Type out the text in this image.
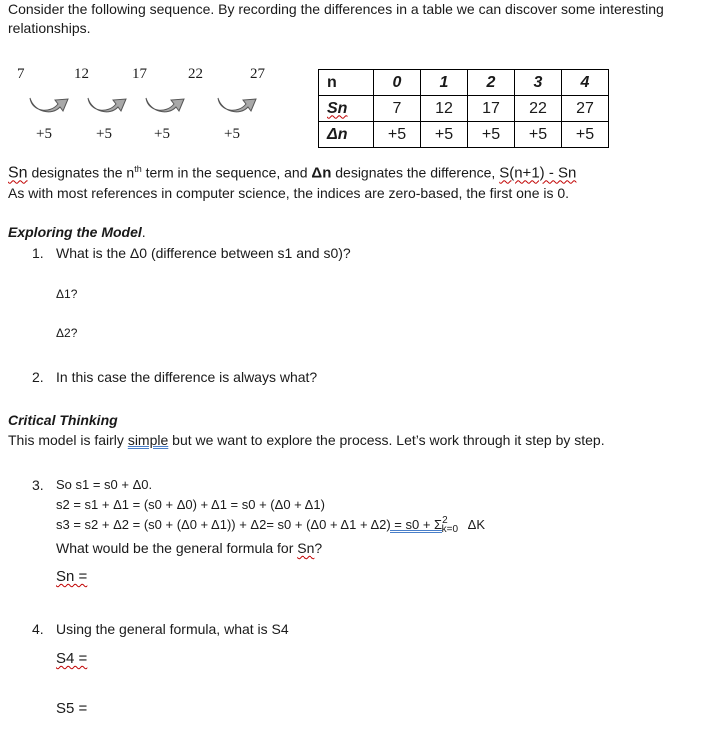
Consider the following sequence. By recording the differences in a table we can discover some interesting relationships.
7	12	17	22	27
+5	+5	+5	+5
n	0	1	2	3	4
Sn	7	12	17	22	27
Δn	+5	+5	+5	+5	+5
Sn designates the $n^{th}$ term in the sequence, and Δn designates the difference, S(n+1) - Sn
As with most references in computer science, the indices are zero-based, the first one is 0.
Exploring the Model.
1. What is the Δ0 (difference between s1 and s0)?
Δ1?
Δ2?
2. In this case the difference is always what?
Critical Thinking
This model is fairly simple but we want to explore the process. Let’s work through it step by step.
3. So s1 = s0 + Δ0.
s2 = s1 + Δ1 = (s0 + Δ0) + Δ1 = s0 + (Δ0 + Δ1)
$s3 = s2 + \Delta 2 = (s0 + (\Delta 0 + \Delta 1)) + \Delta 2= s0 + (\Delta 0 + \Delta 1 + \Delta 2) = s0 + \Sigma^2_{k=0}$ ΔK
What would be the general formula for Sn?
Sn =
4. Using the general formula, what is S4
S4 =
S5 =
